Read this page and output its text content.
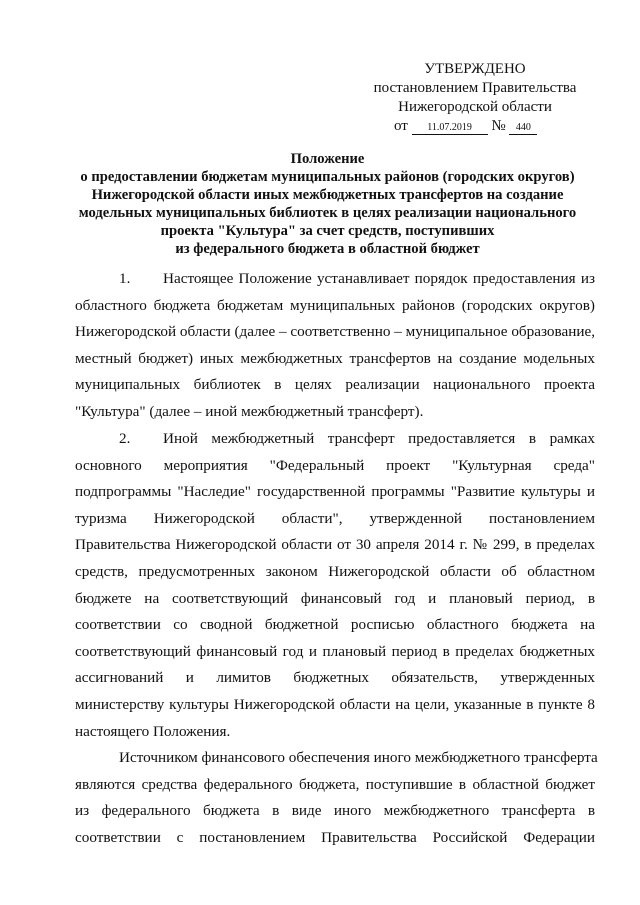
УТВЕРЖДЕНО
постановлением Правительства
Нижегородской области
от 11.07.2019 № 440
Положение
о предоставлении бюджетам муниципальных районов (городских округов)
Нижегородской области иных межбюджетных трансфертов на создание
модельных муниципальных библиотек в целях реализации национального
проекта "Культура" за счет средств, поступивших
из федерального бюджета в областной бюджет
1. Настоящее Положение устанавливает порядок предоставления из
областного бюджета бюджетам муниципальных районов (городских округов)
Нижегородской области (далее – соответственно – муниципальное образование,
местный бюджет) иных межбюджетных трансфертов на создание модельных
муниципальных библиотек в целях реализации национального проекта
"Культура" (далее – иной межбюджетный трансферт).
2. Иной межбюджетный трансферт предоставляется в рамках
основного мероприятия "Федеральный проект "Культурная среда"
подпрограммы "Наследие" государственной программы "Развитие культуры и
туризма Нижегородской области", утвержденной постановлением
Правительства Нижегородской области от 30 апреля 2014 г. № 299, в пределах
средств, предусмотренных законом Нижегородской области об областном
бюджете на соответствующий финансовый год и плановый период, в
соответствии со сводной бюджетной росписью областного бюджета на
соответствующий финансовый год и плановый период в пределах бюджетных
ассигнований и лимитов бюджетных обязательств, утвержденных
министерству культуры Нижегородской области на цели, указанные в пункте 8
настоящего Положения.
Источником финансового обеспечения иного межбюджетного трансферта
являются средства федерального бюджета, поступившие в областной бюджет
из федерального бюджета в виде иного межбюджетного трансферта в
соответствии с постановлением Правительства Российской Федерации
